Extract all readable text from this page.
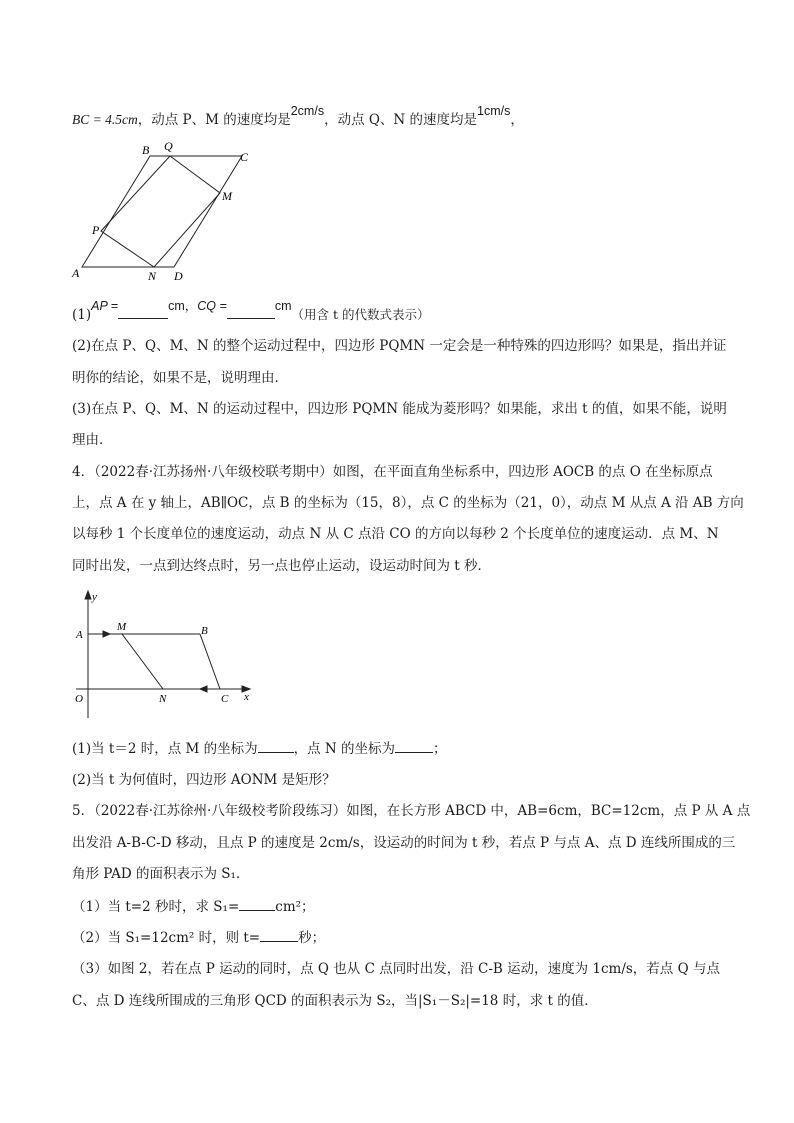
BC = 4.5cm，动点 P、M 的速度均是2cm/s，动点 Q、N 的速度均是1cm/s，
B Q
C
M
P
A	N D
(1)AP =	cm，CQ =	cm（用含 t 的代数式表示）
(2)在点 P、Q、M、N 的整个运动过程中，四边形 PQMN 一定会是一种特殊的四边形吗？如果是，指出并证
明你的结论，如果不是，说明理由．
(3)在点 P、Q、M、N 的运动过程中，四边形 PQMN 能成为菱形吗？如果能，求出 t 的值，如果不能，说明
理由．
4．（2022春·江苏扬州·八年级校联考期中）如图，在平面直角坐标系中，四边形 AOCB 的点 O 在坐标原点
上，点 A 在 y 轴上，AB∥OC，点 B 的坐标为（15，8），点 C 的坐标为（21，0），动点 M 从点 A 沿 AB 方向
以每秒 1 个长度单位的速度运动，动点 N 从 C 点沿 CO 的方向以每秒 2 个长度单位的速度运动．点 M、N
同时出发，一点到达终点时，另一点也停止运动，设运动时间为 t 秒．
y
x
A
M	B
O	N	C
(1)当 t＝2 时，点 M 的坐标为	，点 N 的坐标为	；
(2)当 t 为何值时，四边形 AONM 是矩形？
5．（2022春·江苏徐州·八年级校考阶段练习）如图，在长方形 ABCD 中，AB=6cm，BC=12cm，点 P 从 A 点
出发沿 A-B-C-D 移动，且点 P 的速度是 2cm/s，设运动的时间为 t 秒，若点 P 与点 A、点 D 连线所围成的三
角形 PAD 的面积表示为 S₁．
（1）当 t=2 秒时，求 S₁=	cm²；
（2）当 S₁=12cm² 时，则 t=	秒；
（3）如图 2，若在点 P 运动的同时，点 Q 也从 C 点同时出发，沿 C-B 运动，速度为 1cm/s，若点 Q 与点
C、点 D 连线所围成的三角形 QCD 的面积表示为 S₂，当|S₁－S₂|=18 时，求 t 的值．
